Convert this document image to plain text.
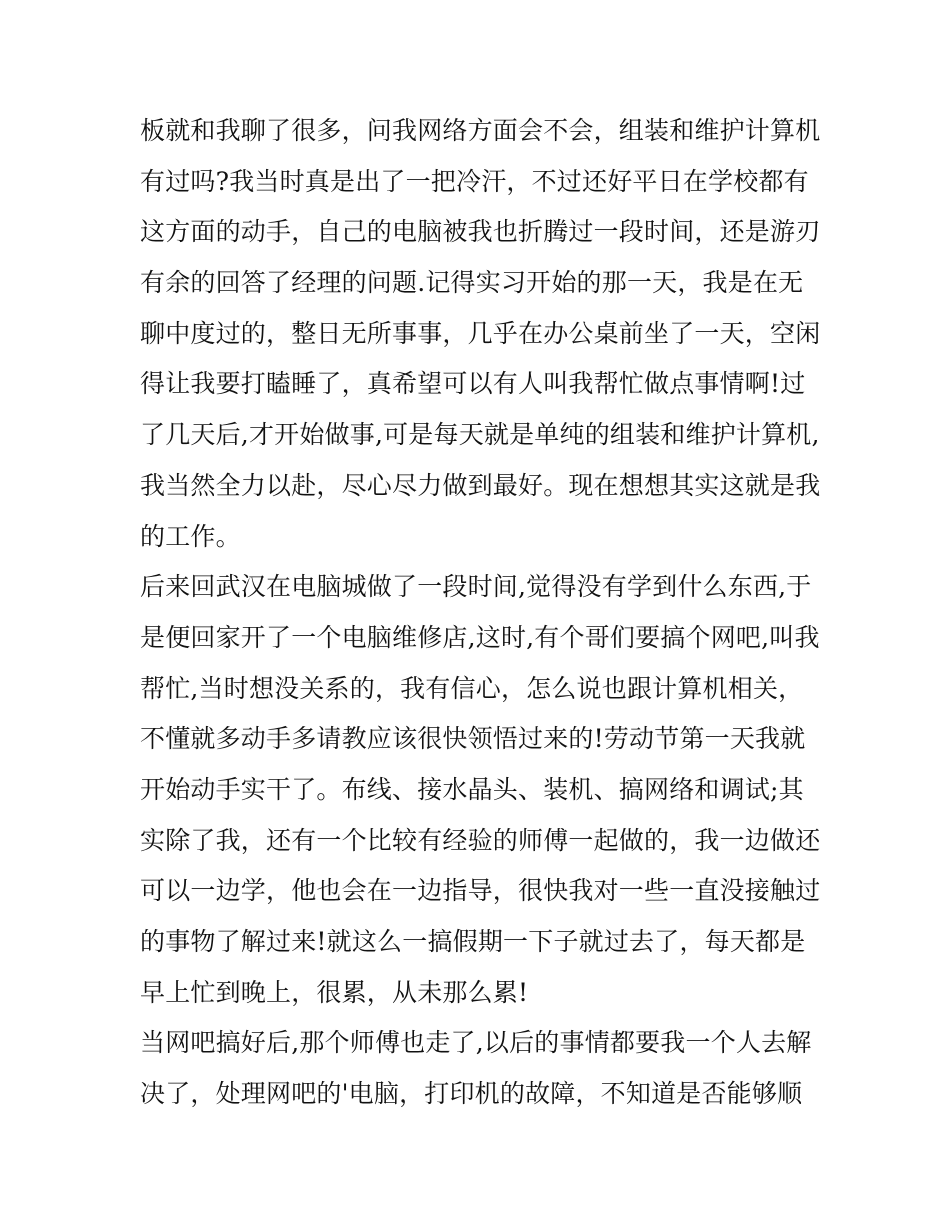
板就和我聊了很多，问我网络方面会不会，组装和维护计算机
有过吗?我当时真是出了一把冷汗，不过还好平日在学校都有
这方面的动手，自己的电脑被我也折腾过一段时间，还是游刃
有余的回答了经理的问题.记得实习开始的那一天，我是在无
聊中度过的，整日无所事事，几乎在办公桌前坐了一天，空闲
得让我要打瞌睡了，真希望可以有人叫我帮忙做点事情啊!过
了几天后,才开始做事,可是每天就是单纯的组装和维护计算机,
我当然全力以赴，尽心尽力做到最好。现在想想其实这就是我
的工作。
后来回武汉在电脑城做了一段时间,觉得没有学到什么东西,于
是便回家开了一个电脑维修店,这时,有个哥们要搞个网吧,叫我
帮忙,当时想没关系的，我有信心，怎么说也跟计算机相关，
不懂就多动手多请教应该很快领悟过来的!劳动节第一天我就
开始动手实干了。布线、接水晶头、装机、搞网络和调试;其
实除了我，还有一个比较有经验的师傅一起做的，我一边做还
可以一边学，他也会在一边指导，很快我对一些一直没接触过
的事物了解过来!就这么一搞假期一下子就过去了，每天都是
早上忙到晚上，很累，从未那么累!
当网吧搞好后,那个师傅也走了,以后的事情都要我一个人去解
决了，处理网吧的'电脑，打印机的故障，不知道是否能够顺
